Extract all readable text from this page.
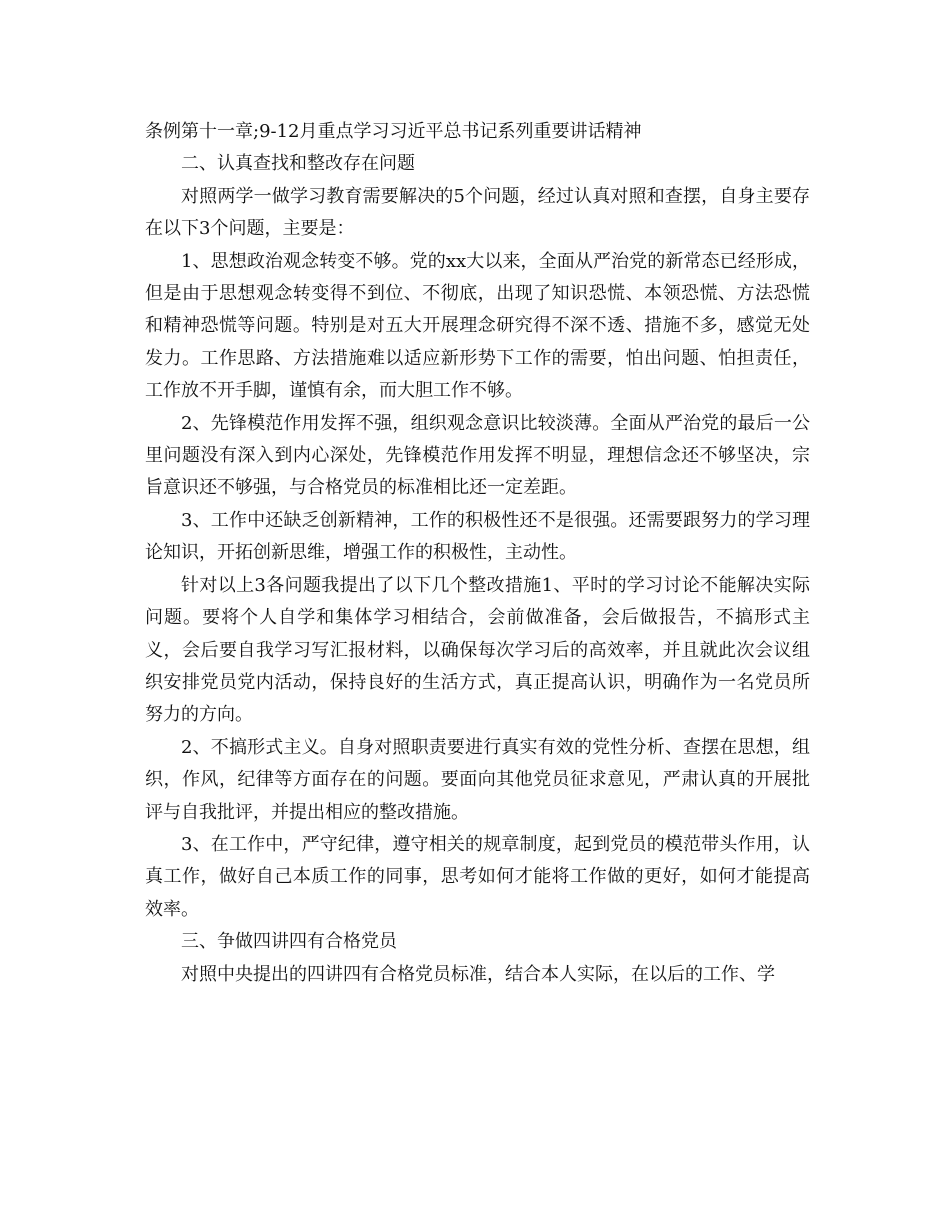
条例第十一章;9-12月重点学习习近平总书记系列重要讲话精神

二、认真查找和整改存在问题

对照两学一做学习教育需要解决的5个问题，经过认真对照和查摆，自身主要存在以下3个问题，主要是：

1、思想政治观念转变不够。党的xx大以来，全面从严治党的新常态已经形成，但是由于思想观念转变得不到位、不彻底，出现了知识恐慌、本领恐慌、方法恐慌和精神恐慌等问题。特别是对五大开展理念研究得不深不透、措施不多，感觉无处发力。工作思路、方法措施难以适应新形势下工作的需要，怕出问题、怕担责任，工作放不开手脚，谨慎有余，而大胆工作不够。

2、先锋模范作用发挥不强，组织观念意识比较淡薄。全面从严治党的最后一公里问题没有深入到内心深处，先锋模范作用发挥不明显，理想信念还不够坚决，宗旨意识还不够强，与合格党员的标准相比还一定差距。

3、工作中还缺乏创新精神，工作的积极性还不是很强。还需要跟努力的学习理论知识，开拓创新思维，增强工作的积极性，主动性。

针对以上3各问题我提出了以下几个整改措施1、平时的学习讨论不能解决实际问题。要将个人自学和集体学习相结合，会前做准备，会后做报告，不搞形式主义，会后要自我学习写汇报材料，以确保每次学习后的高效率，并且就此次会议组织安排党员党内活动，保持良好的生活方式，真正提高认识，明确作为一名党员所努力的方向。

2、不搞形式主义。自身对照职责要进行真实有效的党性分析、查摆在思想，组织，作风，纪律等方面存在的问题。要面向其他党员征求意见，严肃认真的开展批评与自我批评，并提出相应的整改措施。

3、在工作中，严守纪律，遵守相关的规章制度，起到党员的模范带头作用，认真工作，做好自己本质工作的同事，思考如何才能将工作做的更好，如何才能提高效率。

三、争做四讲四有合格党员

对照中央提出的四讲四有合格党员标准，结合本人实际，在以后的工作、学
